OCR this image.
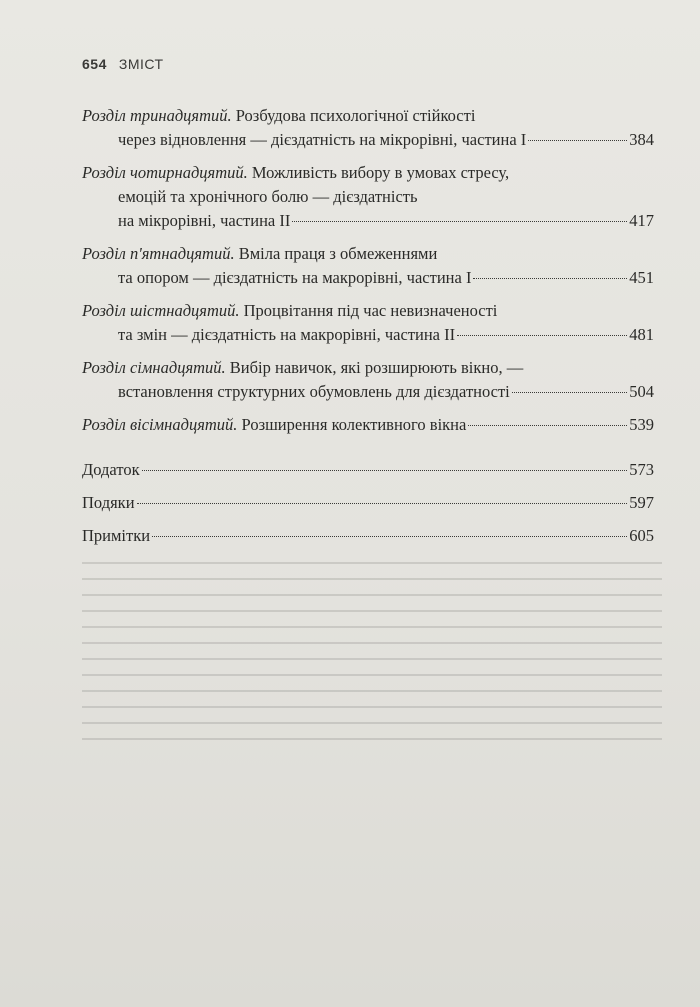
654 ЗМІСТ
Розділ тринадцятий. Розбудова психологічної стійкості
через відновлення — дієздатність на мікрорівні, частина I	384
Розділ чотирнадцятий. Можливість вибору в умовах стресу,
емоцій та хронічного болю — дієздатність
на мікрорівні, частина II	417
Розділ п'ятнадцятий. Вміла праця з обмеженнями
та опором — дієздатність на макрорівні, частина I	451
Розділ шістнадцятий. Процвітання під час невизначеності
та змін — дієздатність на макрорівні, частина II	481
Розділ сімнадцятий. Вибір навичок, які розширюють вікно, —
встановлення структурних обумовлень для дієздатності	504
Розділ вісімнадцятий. Розширення колективного вікна	539
Додаток	573
Подяки	597
Примітки	605
